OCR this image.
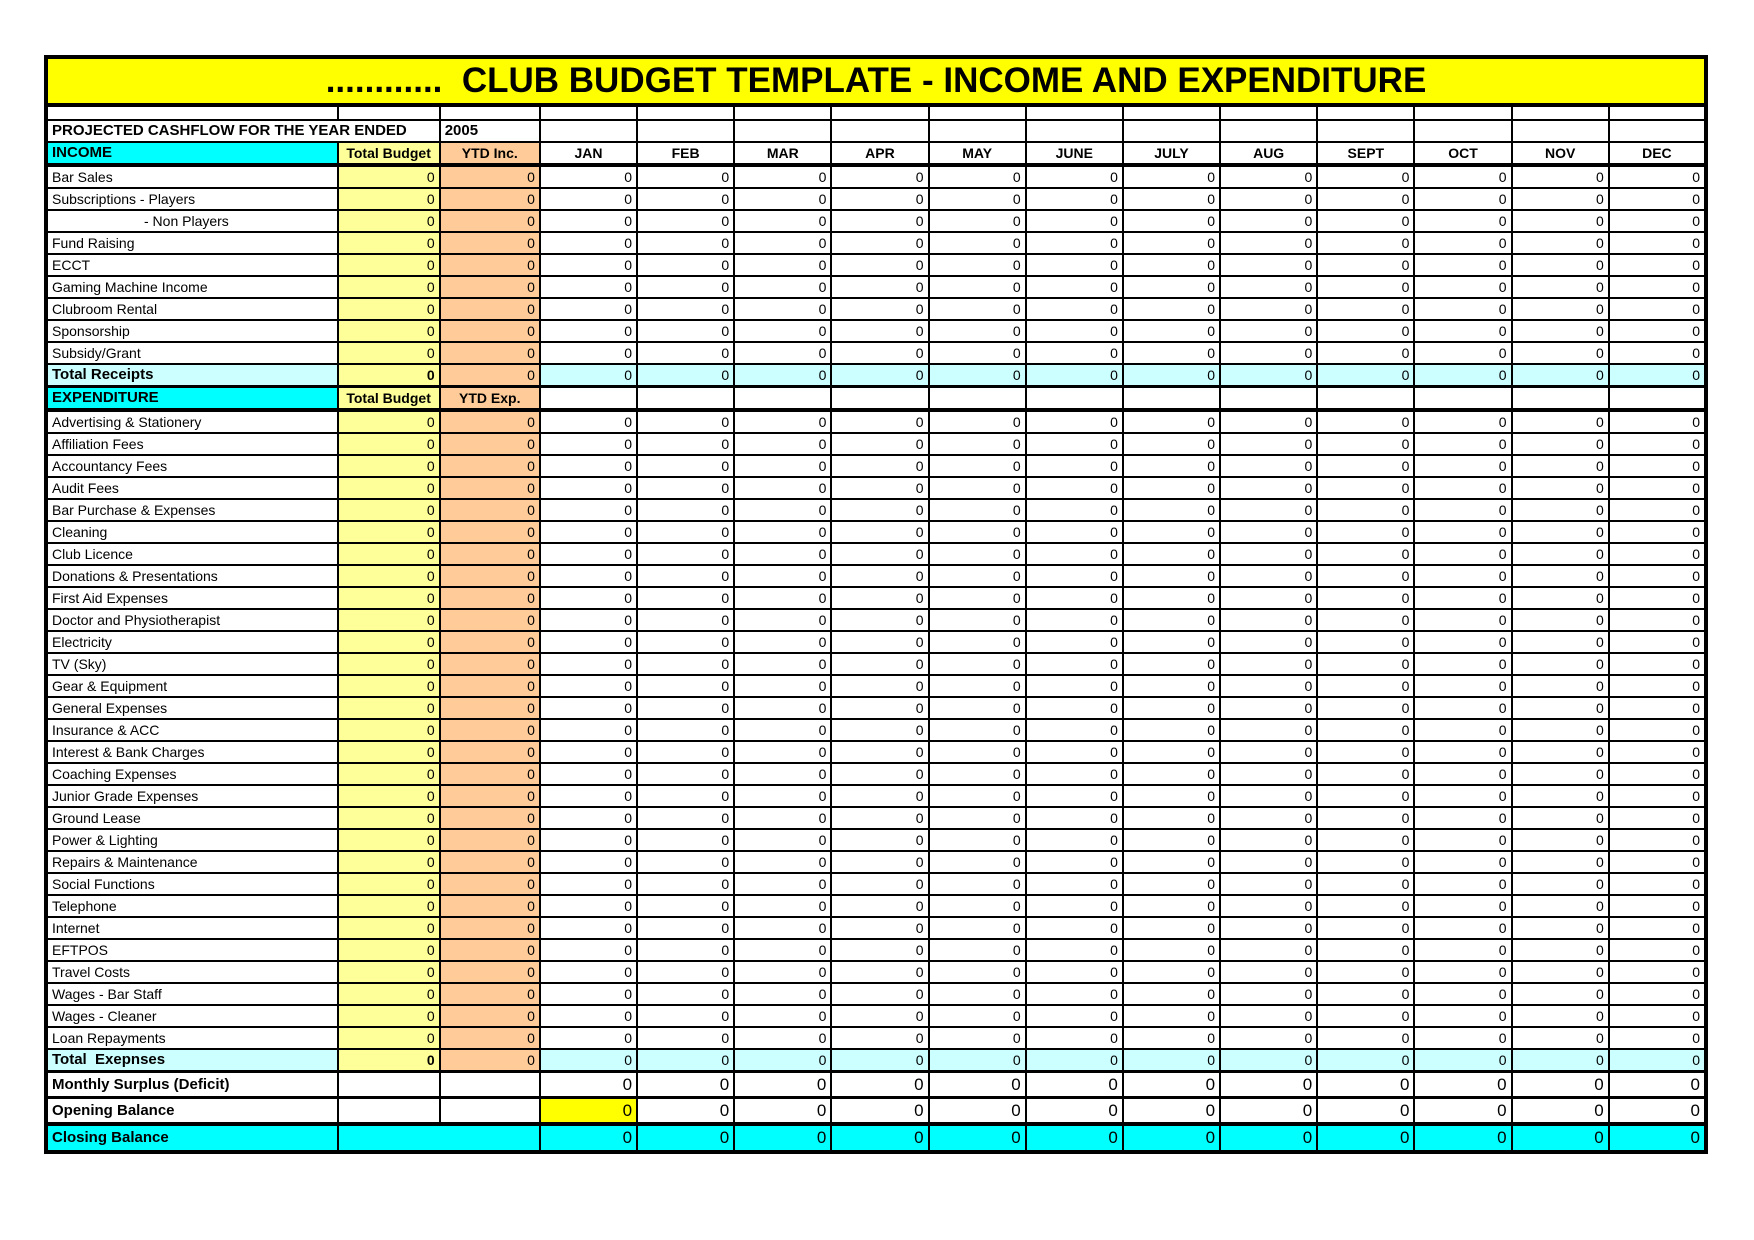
............  CLUB BUDGET TEMPLATE - INCOME AND EXPENDITURE														

PROJECTED CASHFLOW FOR THE YEAR ENDED		2005												
INCOME	Total Budget	YTD Inc.	JAN	FEB	MAR	APR	MAY	JUNE	JULY	AUG	SEPT	OCT	NOV	DEC
Bar Sales	0	0	0	0	0	0	0	0	0	0	0	0	0	0
Subscriptions - Players	0	0	0	0	0	0	0	0	0	0	0	0	0	0
- Non Players	0	0	0	0	0	0	0	0	0	0	0	0	0	0
Fund Raising	0	0	0	0	0	0	0	0	0	0	0	0	0	0
ECCT	0	0	0	0	0	0	0	0	0	0	0	0	0	0
Gaming Machine Income	0	0	0	0	0	0	0	0	0	0	0	0	0	0
Clubroom Rental	0	0	0	0	0	0	0	0	0	0	0	0	0	0
Sponsorship	0	0	0	0	0	0	0	0	0	0	0	0	0	0
Subsidy/Grant	0	0	0	0	0	0	0	0	0	0	0	0	0	0
Total Receipts	0	0	0	0	0	0	0	0	0	0	0	0	0	0
EXPENDITURE	Total Budget	YTD Exp.												
Advertising & Stationery	0	0	0	0	0	0	0	0	0	0	0	0	0	0
Affiliation Fees	0	0	0	0	0	0	0	0	0	0	0	0	0	0
Accountancy Fees	0	0	0	0	0	0	0	0	0	0	0	0	0	0
Audit Fees	0	0	0	0	0	0	0	0	0	0	0	0	0	0
Bar Purchase & Expenses	0	0	0	0	0	0	0	0	0	0	0	0	0	0
Cleaning	0	0	0	0	0	0	0	0	0	0	0	0	0	0
Club Licence	0	0	0	0	0	0	0	0	0	0	0	0	0	0
Donations & Presentations	0	0	0	0	0	0	0	0	0	0	0	0	0	0
First Aid Expenses	0	0	0	0	0	0	0	0	0	0	0	0	0	0
Doctor and Physiotherapist	0	0	0	0	0	0	0	0	0	0	0	0	0	0
Electricity	0	0	0	0	0	0	0	0	0	0	0	0	0	0
TV (Sky)	0	0	0	0	0	0	0	0	0	0	0	0	0	0
Gear & Equipment	0	0	0	0	0	0	0	0	0	0	0	0	0	0
General Expenses	0	0	0	0	0	0	0	0	0	0	0	0	0	0
Insurance & ACC	0	0	0	0	0	0	0	0	0	0	0	0	0	0
Interest & Bank Charges	0	0	0	0	0	0	0	0	0	0	0	0	0	0
Coaching Expenses	0	0	0	0	0	0	0	0	0	0	0	0	0	0
Junior Grade Expenses	0	0	0	0	0	0	0	0	0	0	0	0	0	0
Ground Lease	0	0	0	0	0	0	0	0	0	0	0	0	0	0
Power & Lighting	0	0	0	0	0	0	0	0	0	0	0	0	0	0
Repairs & Maintenance	0	0	0	0	0	0	0	0	0	0	0	0	0	0
Social Functions	0	0	0	0	0	0	0	0	0	0	0	0	0	0
Telephone	0	0	0	0	0	0	0	0	0	0	0	0	0	0
Internet	0	0	0	0	0	0	0	0	0	0	0	0	0	0
EFTPOS	0	0	0	0	0	0	0	0	0	0	0	0	0	0
Travel Costs	0	0	0	0	0	0	0	0	0	0	0	0	0	0
Wages - Bar Staff	0	0	0	0	0	0	0	0	0	0	0	0	0	0
Wages - Cleaner	0	0	0	0	0	0	0	0	0	0	0	0	0	0
Loan Repayments	0	0	0	0	0	0	0	0	0	0	0	0	0	0
Total  Exepnses	0	0	0	0	0	0	0	0	0	0	0	0	0	0
Monthly Surplus (Deficit)			0	0	0	0	0	0	0	0	0	0	0	0
Opening Balance			0	0	0	0	0	0	0	0	0	0	0	0
Closing Balance			0	0	0	0	0	0	0	0	0	0	0	0
